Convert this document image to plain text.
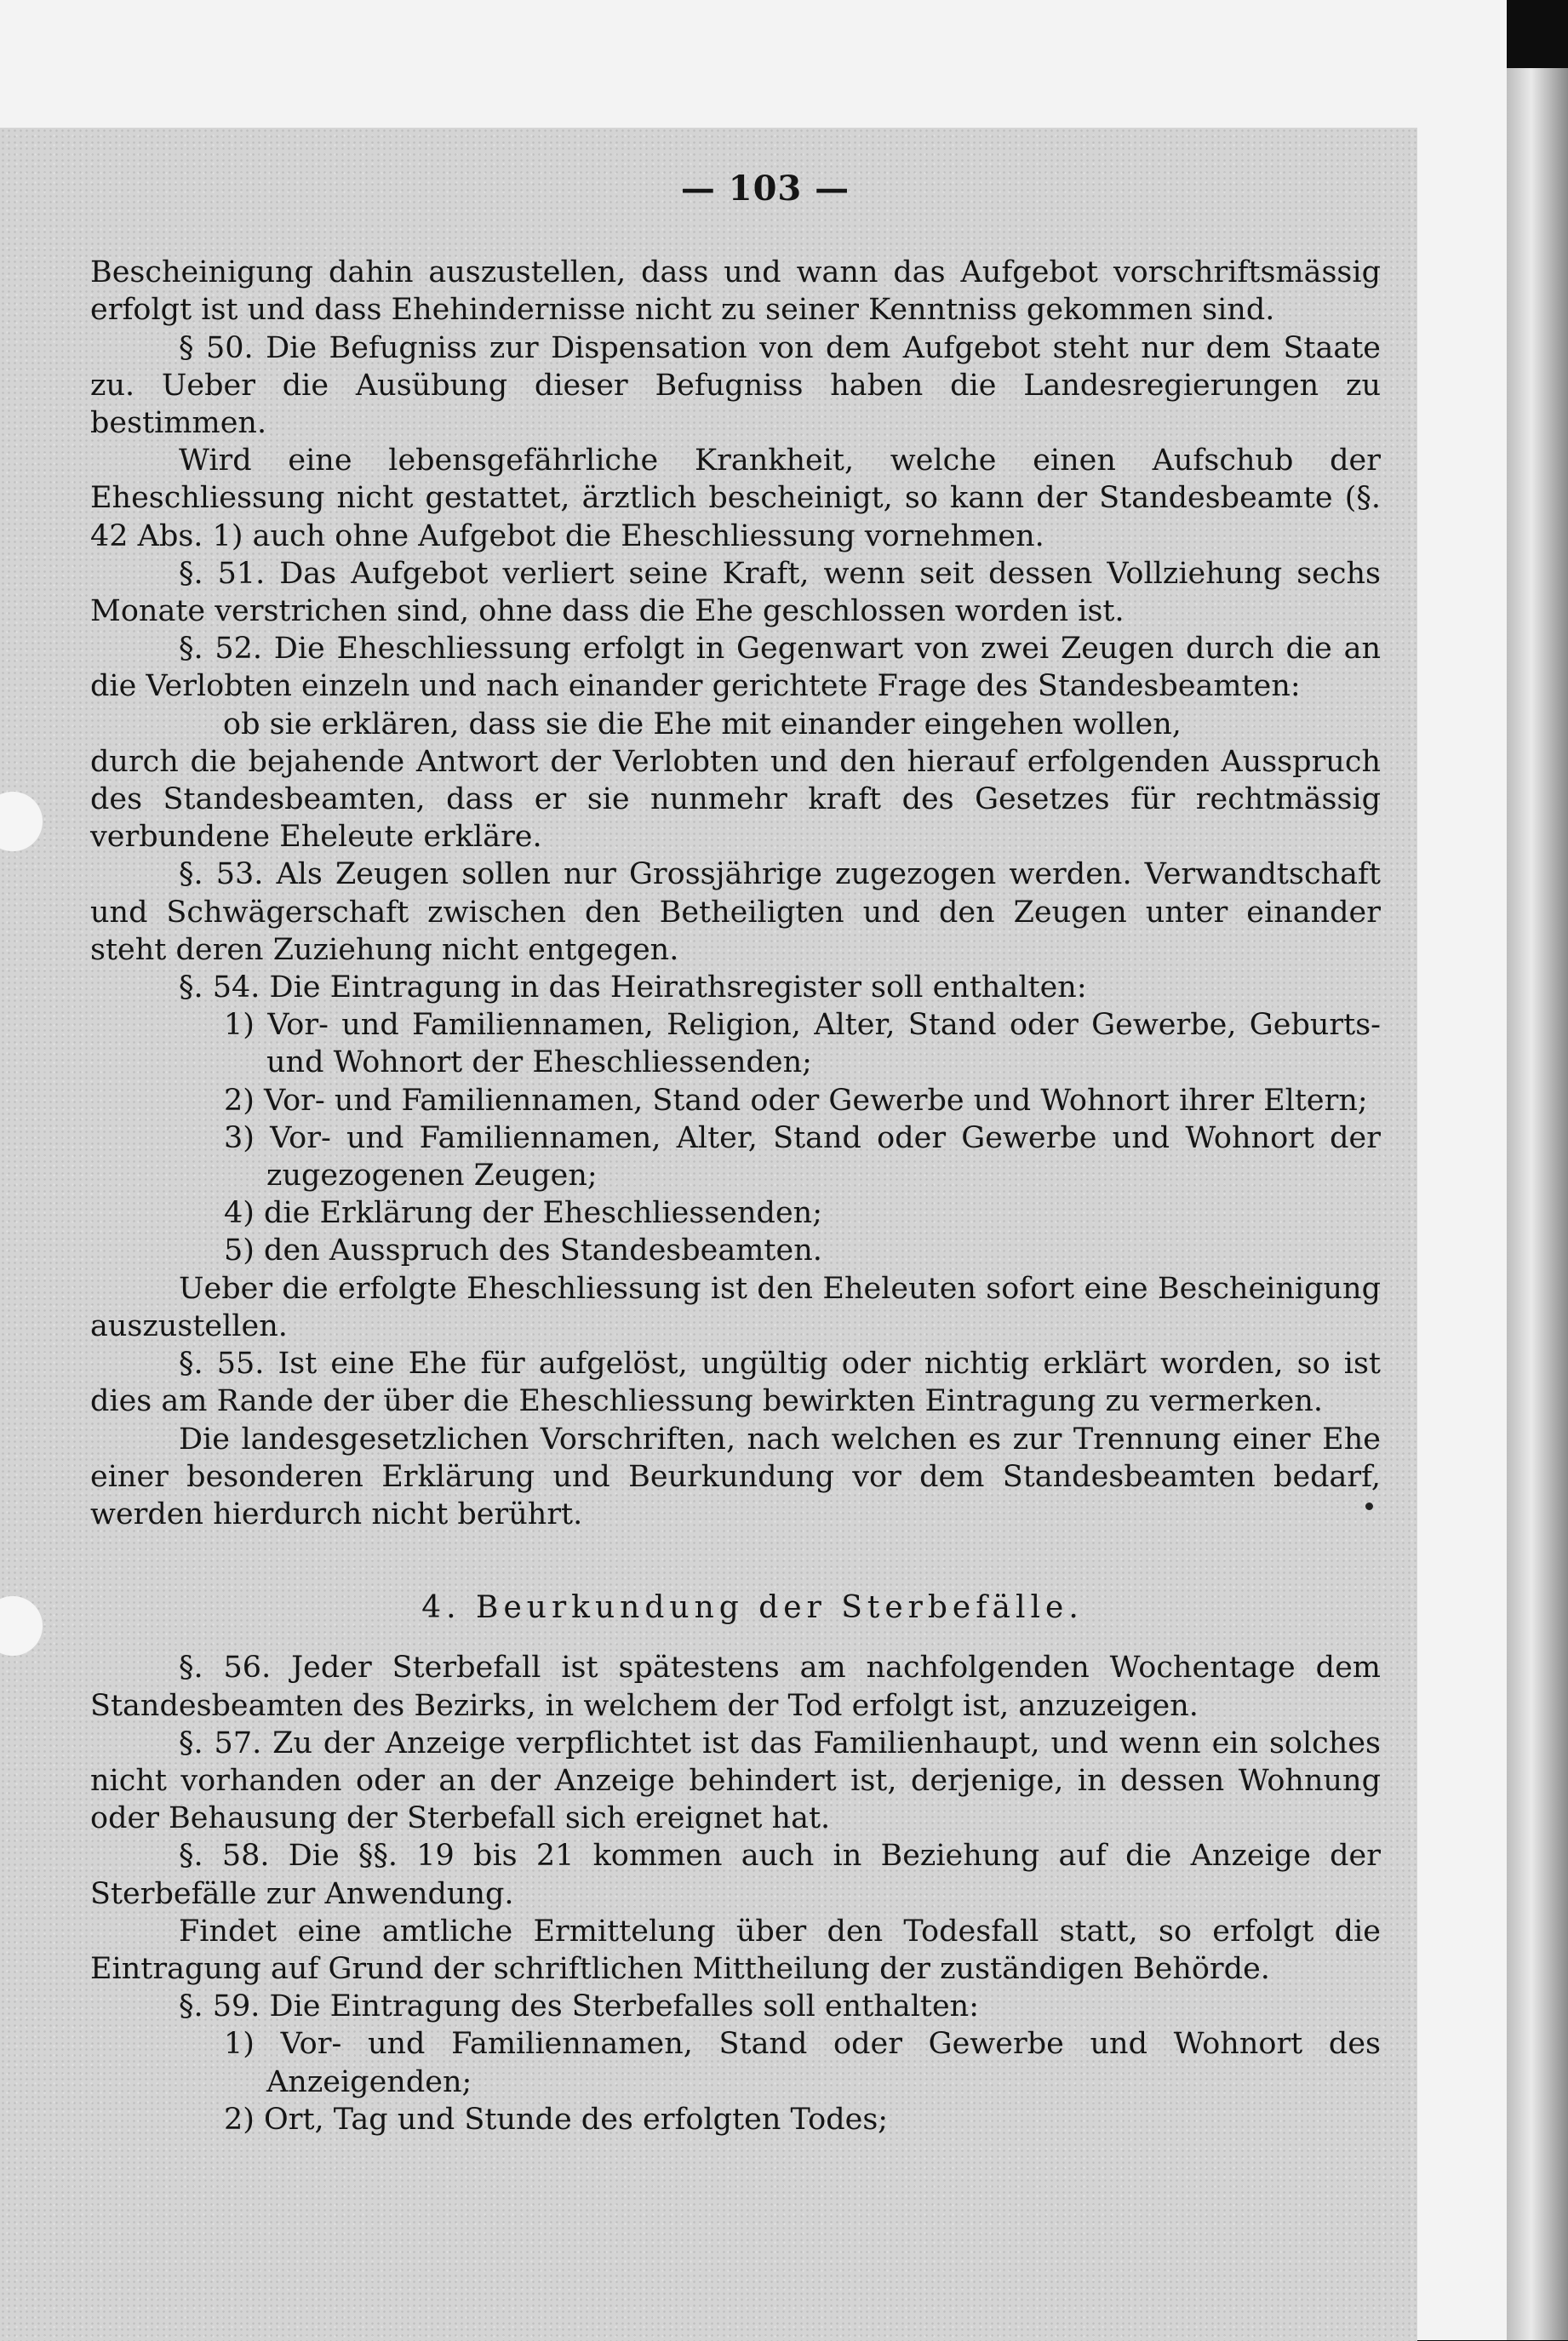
— 103 —

Bescheinigung dahin auszustellen, dass und wann das Aufgebot vorschriftsmässig erfolgt ist und dass Ehehindernisse nicht zu seiner Kenntniss gekommen sind.

§ 50. Die Befugniss zur Dispensation von dem Aufgebot steht nur dem Staate zu. Ueber die Ausübung dieser Befugniss haben die Landesregierungen zu bestimmen.

Wird eine lebensgefährliche Krankheit, welche einen Aufschub der Eheschliessung nicht gestattet, ärztlich bescheinigt, so kann der Standesbeamte (§. 42 Abs. 1) auch ohne Aufgebot die Eheschliessung vornehmen.

§. 51. Das Aufgebot verliert seine Kraft, wenn seit dessen Vollziehung sechs Monate verstrichen sind, ohne dass die Ehe geschlossen worden ist.

§. 52. Die Eheschliessung erfolgt in Gegenwart von zwei Zeugen durch die an die Verlobten einzeln und nach einander gerichtete Frage des Standesbeamten:

ob sie erklären, dass sie die Ehe mit einander eingehen wollen,

durch die bejahende Antwort der Verlobten und den hierauf erfolgenden Ausspruch des Standesbeamten, dass er sie nunmehr kraft des Gesetzes für rechtmässig verbundene Eheleute erkläre.

§. 53. Als Zeugen sollen nur Grossjährige zugezogen werden. Verwandtschaft und Schwägerschaft zwischen den Betheiligten und den Zeugen unter einander steht deren Zuziehung nicht entgegen.

§. 54. Die Eintragung in das Heirathsregister soll enthalten:

1) Vor- und Familiennamen, Religion, Alter, Stand oder Gewerbe, Geburts- und Wohnort der Eheschliessenden;

2) Vor- und Familiennamen, Stand oder Gewerbe und Wohnort ihrer Eltern;

3) Vor- und Familiennamen, Alter, Stand oder Gewerbe und Wohnort der zugezogenen Zeugen;

4) die Erklärung der Eheschliessenden;

5) den Ausspruch des Standesbeamten.

Ueber die erfolgte Eheschliessung ist den Eheleuten sofort eine Bescheinigung auszustellen.

§. 55. Ist eine Ehe für aufgelöst, ungültig oder nichtig erklärt worden, so ist dies am Rande der über die Eheschliessung bewirkten Eintragung zu vermerken.

Die landesgesetzlichen Vorschriften, nach welchen es zur Trennung einer Ehe einer besonderen Erklärung und Beurkundung vor dem Standesbeamten bedarf, werden hierdurch nicht berührt.

4. Beurkundung der Sterbefälle.

§. 56. Jeder Sterbefall ist spätestens am nachfolgenden Wochentage dem Standesbeamten des Bezirks, in welchem der Tod erfolgt ist, anzuzeigen.

§. 57. Zu der Anzeige verpflichtet ist das Familienhaupt, und wenn ein solches nicht vorhanden oder an der Anzeige behindert ist, derjenige, in dessen Wohnung oder Behausung der Sterbefall sich ereignet hat.

§. 58. Die §§. 19 bis 21 kommen auch in Beziehung auf die Anzeige der Sterbefälle zur Anwendung.

Findet eine amtliche Ermittelung über den Todesfall statt, so erfolgt die Eintragung auf Grund der schriftlichen Mittheilung der zuständigen Behörde.

§. 59. Die Eintragung des Sterbefalles soll enthalten:

1) Vor- und Familiennamen, Stand oder Gewerbe und Wohnort des Anzeigenden;

2) Ort, Tag und Stunde des erfolgten Todes;
